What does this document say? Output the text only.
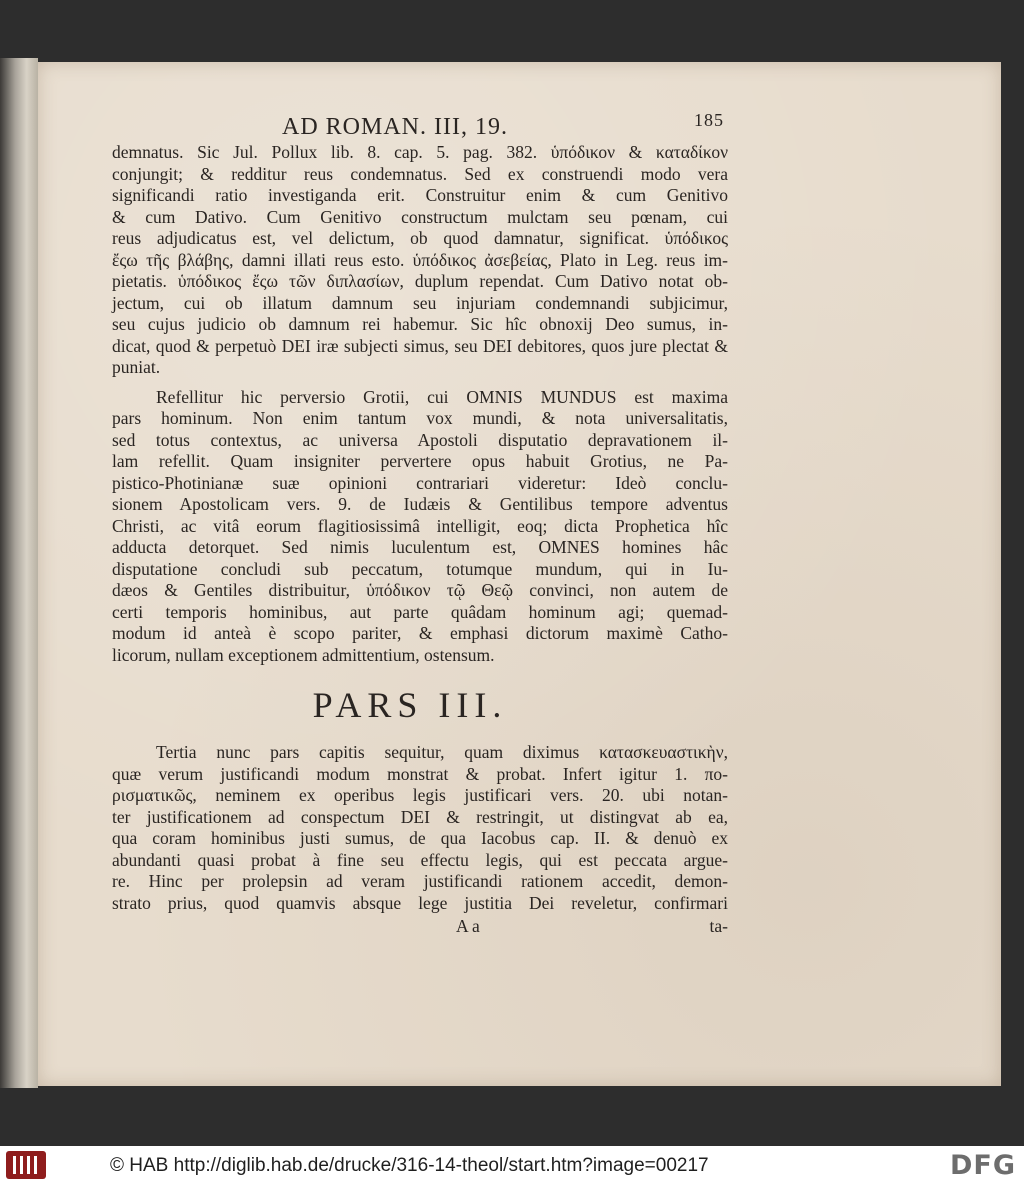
AD ROMAN. III, 19.	185
demnatus. Sic Jul. Pollux lib. 8. cap. 5. pag. 382. ὑπόδικον & καταδίκον
conjungit; & redditur reus condemnatus. Sed ex construendi modo vera
significandi ratio investiganda erit. Construitur enim & cum Genitivo
& cum Dativo. Cum Genitivo constructum mulctam seu pœnam, cui
reus adjudicatus est, vel delictum, ob quod damnatur, significat. ὑπόδικος
ἔςω τῆς βλάβης, damni illati reus esto. ὑπόδικος ἀσεβείας, Plato in Leg. reus im-
pietatis. ὑπόδικος ἔςω τῶν διπλασίων, duplum rependat. Cum Dativo notat ob-
jectum, cui ob illatum damnum seu injuriam condemnandi subjicimur,
seu cujus judicio ob damnum rei habemur. Sic hîc obnoxij Deo sumus, in-
dicat, quod & perpetuò DEI iræ subjecti simus, seu DEI debitores, quos jure plectat &
puniat.
Refellitur hic perversio Grotii, cui OMNIS MUNDUS est maxima
pars hominum. Non enim tantum vox mundi, & nota universalitatis,
sed totus contextus, ac universa Apostoli disputatio depravationem il-
lam refellit. Quam insigniter pervertere opus habuit Grotius, ne Pa-
pistico-Photinianæ suæ opinioni contrariari videretur: Ideò conclu-
sionem Apostolicam vers. 9. de Iudæis & Gentilibus tempore adventus
Christi, ac vitâ eorum flagitiosissimâ intelligit, eoq; dicta Prophetica hîc
adducta detorquet. Sed nimis luculentum est, OMNES homines hâc
disputatione concludi sub peccatum, totumque mundum, qui in Iu-
dæos & Gentiles distribuitur, ὑπόδικον τῷ Θεῷ convinci, non autem de
certi temporis hominibus, aut parte quâdam hominum agi; quemad-
modum id anteà è scopo pariter, & emphasi dictorum maximè Catho-
licorum, nullam exceptionem admittentium, ostensum.
PARS III.
Tertia nunc pars capitis sequitur, quam diximus κατασκευαστικὴν,
quæ verum justificandi modum monstrat & probat. Infert igitur 1. πο-
ρισματικῶς, neminem ex operibus legis justificari vers. 20. ubi notan-
ter justificationem ad conspectum DEI & restringit, ut distingvat ab ea,
qua coram hominibus justi sumus, de qua Iacobus cap. II. & denuò ex
abundanti quasi probat à fine seu effectu legis, qui est peccata argue-
re. Hinc per prolepsin ad veram justificandi rationem accedit, demon-
strato prius, quod quamvis absque lege justitia Dei reveletur, confirmari
A a	ta-
© HAB http://diglib.hab.de/drucke/316-14-theol/start.htm?image=00217	DFG
